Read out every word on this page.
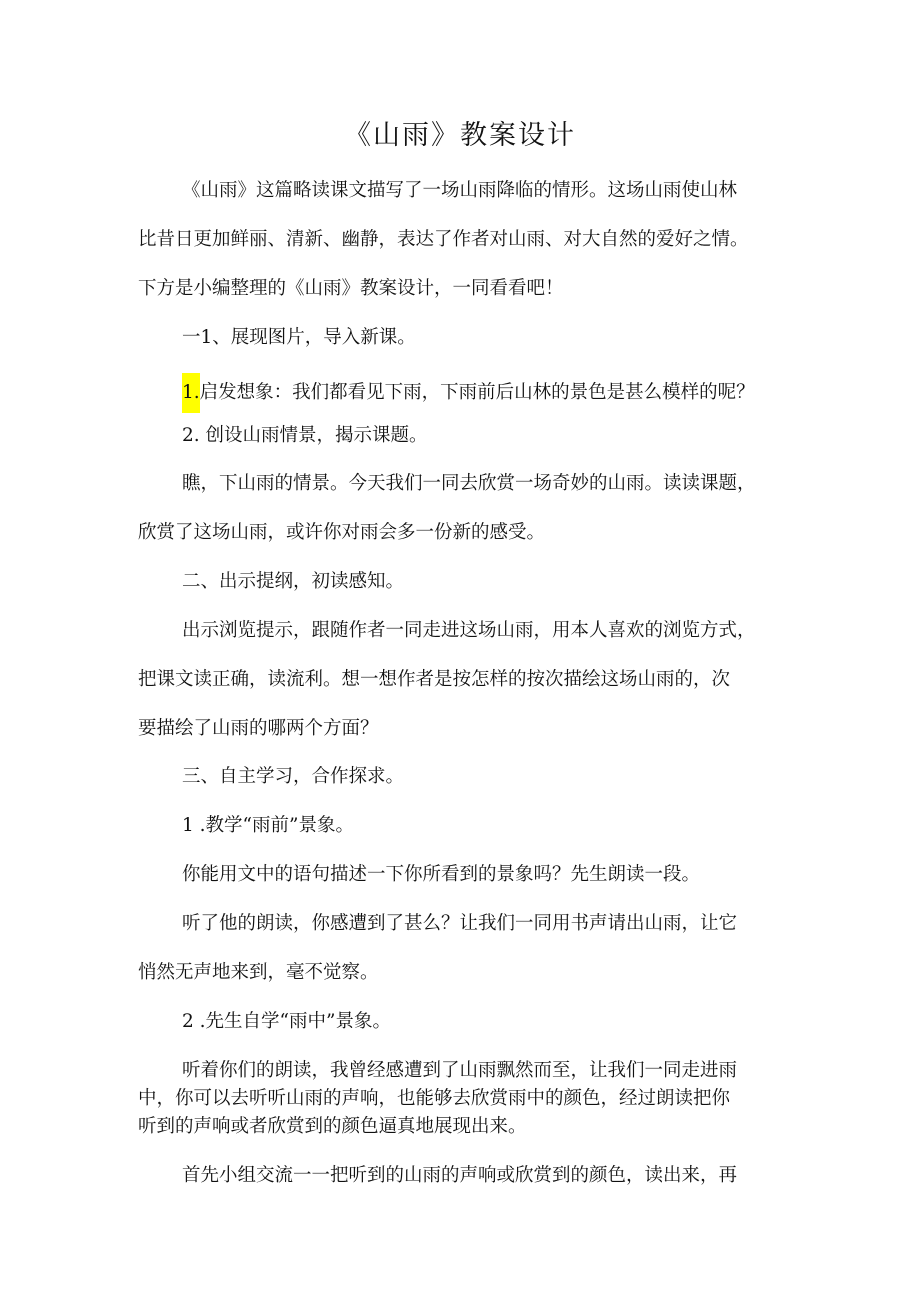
《山雨》教案设计

《山雨》这篇略读课文描写了一场山雨降临的情形。这场山雨使山林

比昔日更加鲜丽、清新、幽静，表达了作者对山雨、对大自然的爱好之情。

下方是小编整理的《山雨》教案设计，一同看看吧！

一1、展现图片，导入新课。

1.启发想象：我们都看见下雨，下雨前后山林的景色是甚么模样的呢？

2. 创设山雨情景，揭示课题。

瞧，下山雨的情景。今天我们一同去欣赏一场奇妙的山雨。读读课题，

欣赏了这场山雨，或许你对雨会多一份新的感受。

二、出示提纲，初读感知。

出示浏览提示，跟随作者一同走进这场山雨，用本人喜欢的浏览方式，

把课文读正确，读流利。想一想作者是按怎样的按次描绘这场山雨的，次

要描绘了山雨的哪两个方面？

三、自主学习，合作探求。

1 .教学“雨前”景象。

你能用文中的语句描述一下你所看到的景象吗？先生朗读一段。

听了他的朗读，你感遭到了甚么？让我们一同用书声请出山雨，让它

悄然无声地来到，毫不觉察。

2 .先生自学“雨中”景象。

听着你们的朗读，我曾经感遭到了山雨飘然而至，让我们一同走进雨

中，你可以去听听山雨的声响，也能够去欣赏雨中的颜色，经过朗读把你

听到的声响或者欣赏到的颜色逼真地展现出来。

首先小组交流一一把听到的山雨的声响或欣赏到的颜色，读出来，再
